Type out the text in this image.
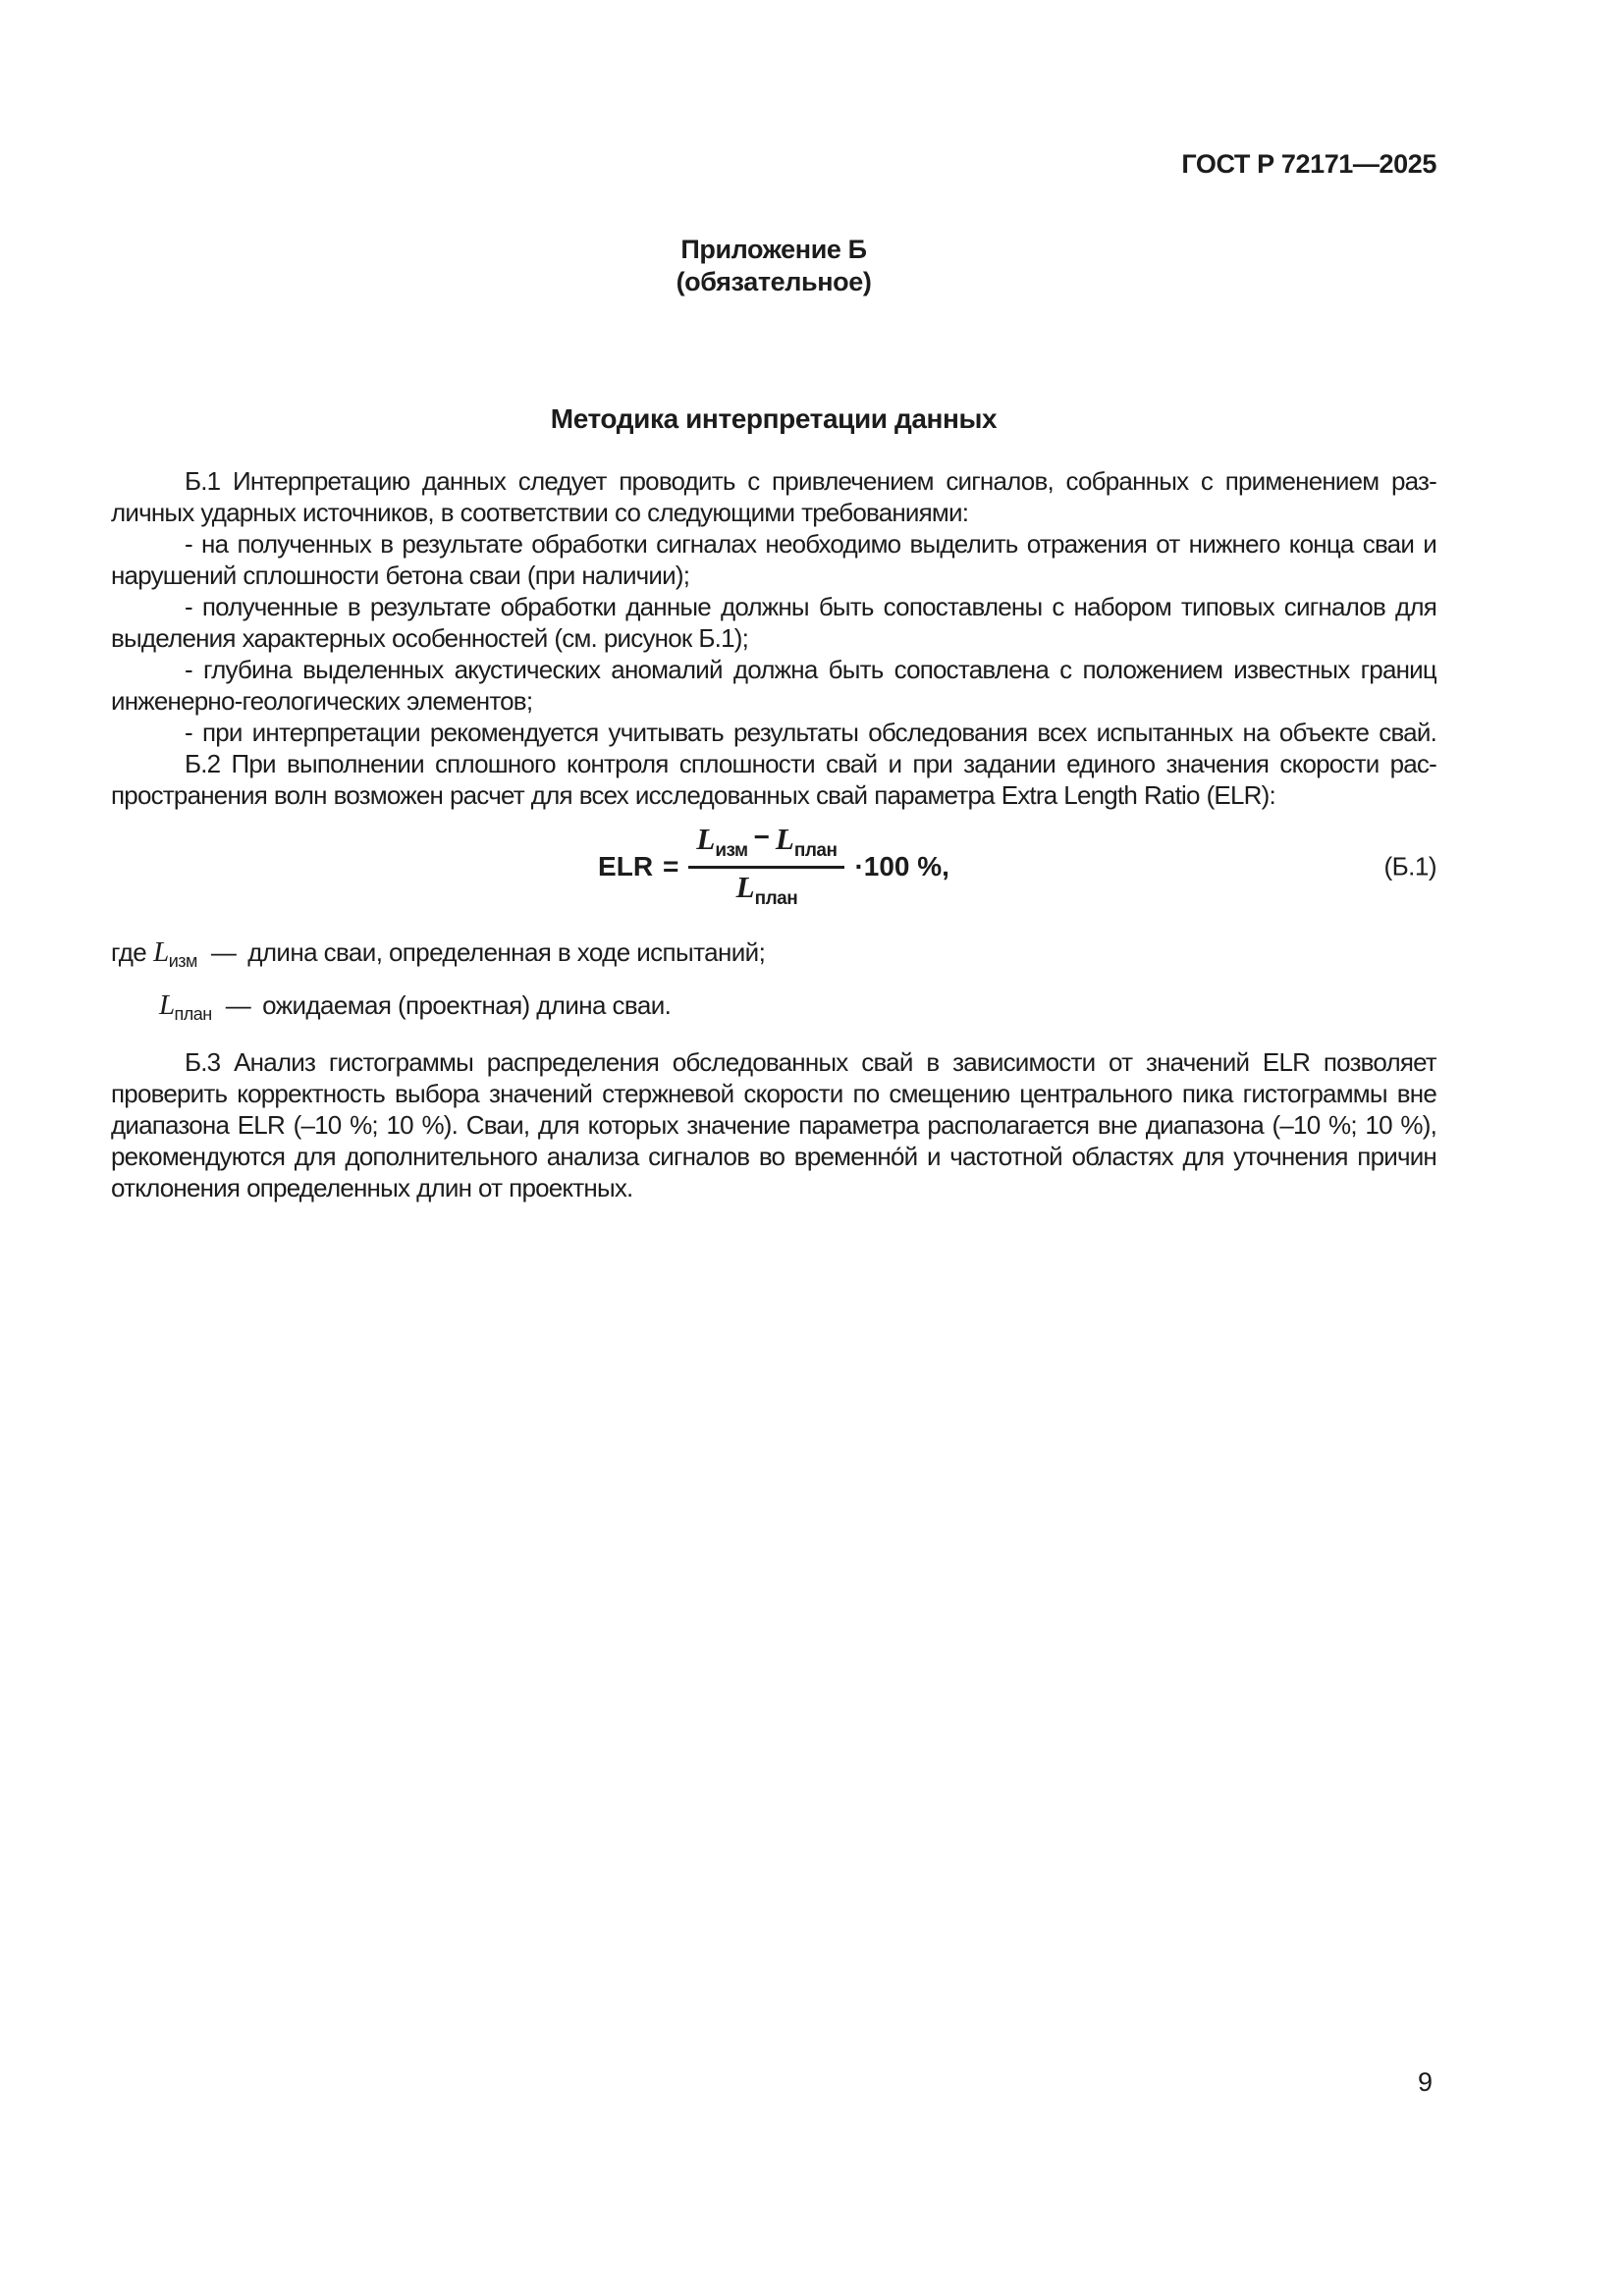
ГОСТ Р 72171—2025
Приложение Б
(обязательное)
Методика интерпретации данных
Б.1 Интерпретацию данных следует проводить с привлечением сигналов, собранных с применением раз-
личных ударных источников, в соответствии со следующими требованиями:
- на полученных в результате обработки сигналах необходимо выделить отражения от нижнего конца сваи и
нарушений сплошности бетона сваи (при наличии);
- полученные в результате обработки данные должны быть сопоставлены с набором типовых сигналов для
выделения характерных особенностей (см. рисунок Б.1);
- глубина выделенных акустических аномалий должна быть сопоставлена с положением известных границ
инженерно-геологических элементов;
- при интерпретации рекомендуется учитывать результаты обследования всех испытанных на объекте свай.
Б.2 При выполнении сплошного контроля сплошности свай и при задании единого значения скорости рас-
пространения волн возможен расчет для всех исследованных свай параметра Extra Length Ratio (ELR):
ELR = $\frac{L_{изм} - L_{план}}{L_{план}} \cdot 100$ %,	(Б.1)
где $L_{изм}$ — длина сваи, определенная в ходе испытаний;
$L_{план}$ — ожидаемая (проектная) длина сваи.
Б.3 Анализ гистограммы распределения обследованных свай в зависимости от значений ELR позволяет
проверить корректность выбора значений стержневой скорости по смещению центрального пика гистограммы вне
диапазона ELR (–10 %; 10 %). Сваи, для которых значение параметра располагается вне диапазона (–10 %; 10 %),
рекомендуются для дополнительного анализа сигналов во временно́й и частотной областях для уточнения причин
отклонения определенных длин от проектных.
9
